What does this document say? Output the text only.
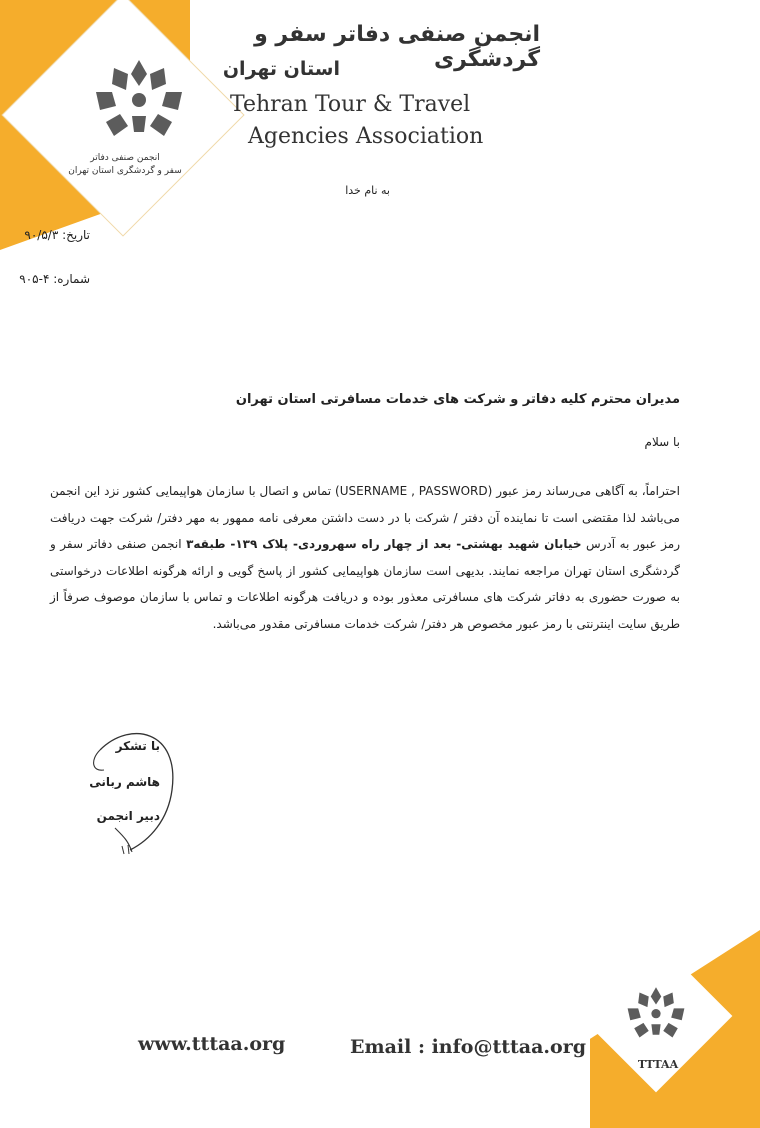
انجمن صنفی دفاتر
سفر و گردشگری استان تهران
انجمن صنفی دفاتر سفر و گردشگری
استان تهران
Tehran Tour & Travel
Agencies Association
به نام خدا
تاریخ: ۹۰/۵/۳
شماره: ۴-۹۰۵
مدیران محترم کلیه دفاتر و شرکت های خدمات مسافرتی استان تهران
با سلام
احتراماً، به آگاهی می‌رساند رمز عبور (USERNAME , PASSWORD) تماس و اتصال با سازمان هواپیمایی کشور نزد این انجمن می‌باشد لذا مقتضی است تا نماینده آن دفتر / شرکت با در دست داشتن معرفی نامه ممهور به مهر دفتر/ شرکت جهت دریافت رمز عبور به آدرس خیابان شهید بهشتی- بعد از چهار راه سهروردی- پلاک ۱۳۹- طبقه۳ انجمن صنفی دفاتر سفر و گردشگری استان تهران مراجعه نمایند. بدیهی است سازمان هواپیمایی کشور از پاسخ گویی و ارائه هرگونه اطلاعات درخواستی به صورت حضوری به دفاتر شرکت های مسافرتی معذور بوده و دریافت هرگونه اطلاعات و تماس با سازمان موصوف صرفاً از طریق سایت اینترنتی با رمز عبور مخصوص هر دفتر/ شرکت خدمات مسافرتی مقدور می‌باشد.
با تشکر
هاشم ربانی
دبیر انجمن
TTTAA
www.tttaa.org	Email : info@tttaa.org
